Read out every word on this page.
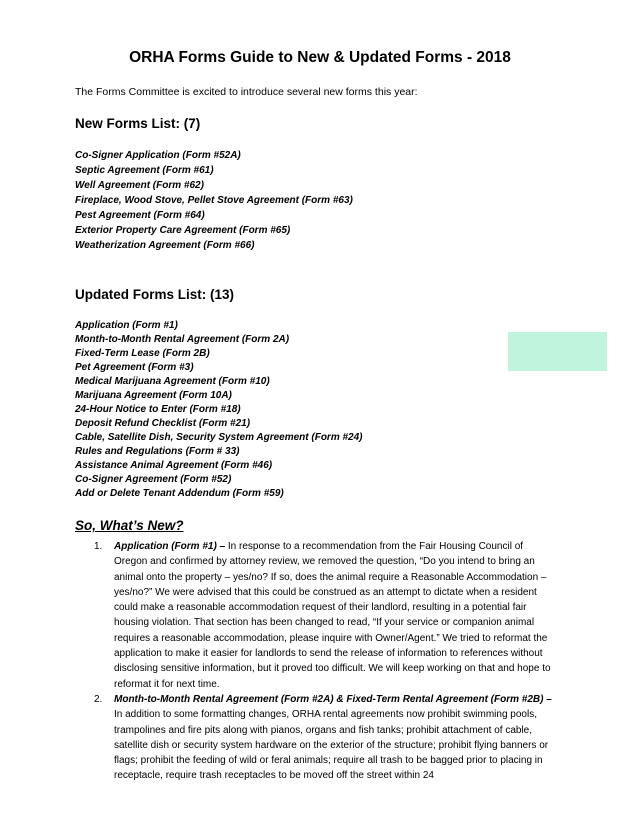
ORHA Forms Guide to New & Updated Forms - 2018

The Forms Committee is excited to introduce several new forms this year:

New Forms List: (7)
Co-Signer Application (Form #52A)
Septic Agreement (Form #61)
Well Agreement (Form #62)
Fireplace, Wood Stove, Pellet Stove Agreement (Form #63)
Pest Agreement (Form #64)
Exterior Property Care Agreement (Form #65)
Weatherization Agreement (Form #66)
Updated Forms List: (13)
Application (Form #1)
Month-to-Month Rental Agreement (Form 2A)
Fixed-Term Lease (Form 2B)
Pet Agreement (Form #3)
Medical Marijuana Agreement (Form #10)
Marijuana Agreement (Form 10A)
24-Hour Notice to Enter (Form #18)
Deposit Refund Checklist (Form #21)
Cable, Satellite Dish, Security System Agreement (Form #24)
Rules and Regulations (Form # 33)
Assistance Animal Agreement (Form #46)
Co-Signer Agreement (Form #52)
Add or Delete Tenant Addendum (Form #59)
So, What’s New?
1. Application (Form #1) – In response to a recommendation from the Fair Housing Council of Oregon and confirmed by attorney review, we removed the question, “Do you intend to bring an animal onto the property – yes/no? If so, does the animal require a Reasonable Accommodation – yes/no?” We were advised that this could be construed as an attempt to dictate when a resident could make a reasonable accommodation request of their landlord, resulting in a potential fair housing violation. That section has been changed to read, “If your service or companion animal requires a reasonable accommodation, please inquire with Owner/Agent.” We tried to reformat the application to make it easier for landlords to send the release of information to references without disclosing sensitive information, but it proved too difficult. We will keep working on that and hope to reformat it for next time.
2. Month-to-Month Rental Agreement (Form #2A) & Fixed-Term Rental Agreement (Form #2B) – In addition to some formatting changes, ORHA rental agreements now prohibit swimming pools, trampolines and fire pits along with pianos, organs and fish tanks; prohibit attachment of cable, satellite dish or security system hardware on the exterior of the structure; prohibit flying banners or flags; prohibit the feeding of wild or feral animals; require all trash to be bagged prior to placing in receptacle, require trash receptacles to be moved off the street within 24
